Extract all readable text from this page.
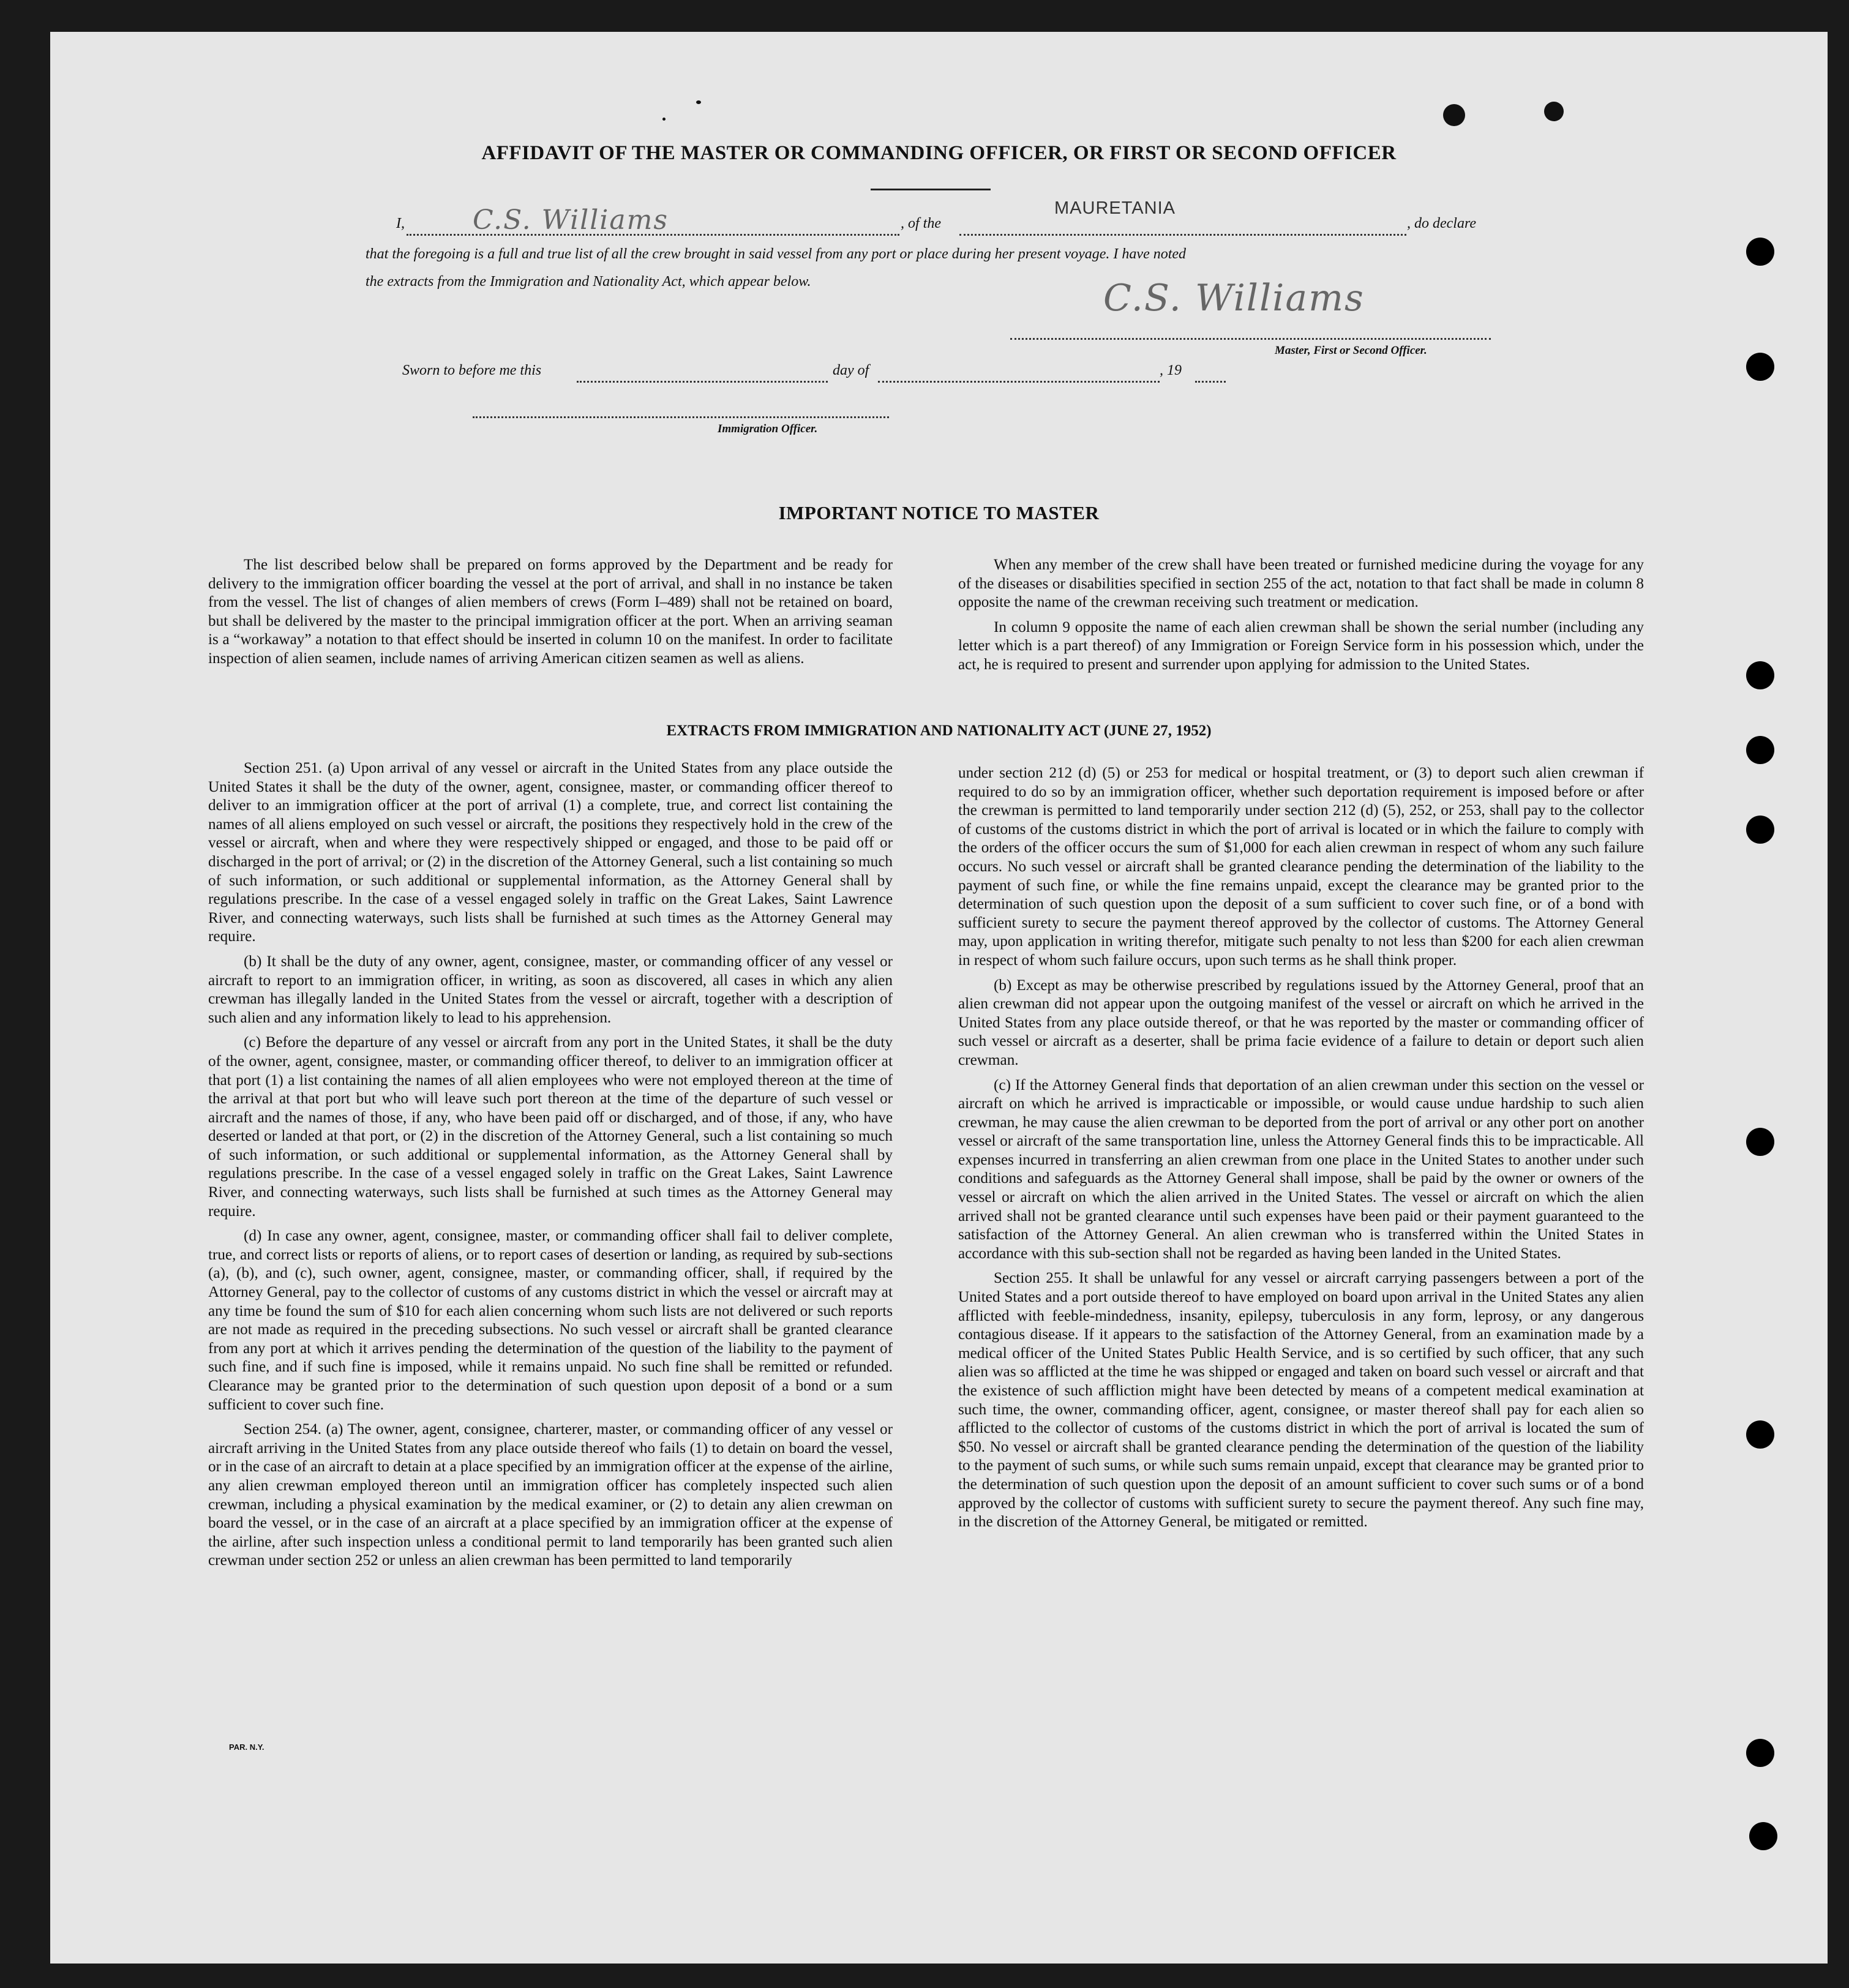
AFFIDAVIT OF THE MASTER OR COMMANDING OFFICER, OR FIRST OR SECOND OFFICER
I,	C.S. Williams	, of the
MAURETANIA
, do declare
that the foregoing is a full and true list of all the crew brought in said vessel from any port or place during her present voyage. I have noted
the extracts from the Immigration and Nationality Act, which appear below.	C.S. Williams
Master, First or Second Officer.
Sworn to before me this	day of	, 19
Immigration Officer.
IMPORTANT NOTICE TO MASTER

The list described below shall be prepared on forms approved by the Department and be ready for delivery to the immigration officer boarding the vessel at the port of arrival, and shall in no instance be taken from the vessel. The list of changes of alien members of crews (Form I–489) shall not be retained on board, but shall be delivered by the master to the principal immigration officer at the port. When an arriving seaman is a “workaway” a notation to that effect should be inserted in column 10 on the manifest. In order to facilitate inspection of alien seamen, include names of arriving American citizen seamen as well as aliens.

When any member of the crew shall have been treated or furnished medicine during the voyage for any of the diseases or disabilities specified in section 255 of the act, notation to that fact shall be made in column 8 opposite the name of the crewman receiving such treatment or medication.

In column 9 opposite the name of each alien crewman shall be shown the serial number (including any letter which is a part thereof) of any Immigration or Foreign Service form in his possession which, under the act, he is required to present and surrender upon applying for admission to the United States.

EXTRACTS FROM IMMIGRATION AND NATIONALITY ACT (JUNE 27, 1952)

Section 251. (a) Upon arrival of any vessel or aircraft in the United States from any place outside the United States it shall be the duty of the owner, agent, consignee, master, or commanding officer thereof to deliver to an immigration officer at the port of arrival (1) a complete, true, and correct list containing the names of all aliens employed on such vessel or aircraft, the positions they respectively hold in the crew of the vessel or aircraft, when and where they were respectively shipped or engaged, and those to be paid off or discharged in the port of arrival; or (2) in the discretion of the Attorney General, such a list containing so much of such information, or such additional or supplemental information, as the Attorney General shall by regulations prescribe. In the case of a vessel engaged solely in traffic on the Great Lakes, Saint Lawrence River, and connecting waterways, such lists shall be furnished at such times as the Attorney General may require.

(b) It shall be the duty of any owner, agent, consignee, master, or commanding officer of any vessel or aircraft to report to an immigration officer, in writing, as soon as discovered, all cases in which any alien crewman has illegally landed in the United States from the vessel or aircraft, together with a description of such alien and any information likely to lead to his apprehension.

(c) Before the departure of any vessel or aircraft from any port in the United States, it shall be the duty of the owner, agent, consignee, master, or commanding officer thereof, to deliver to an immigration officer at that port (1) a list containing the names of all alien employees who were not employed thereon at the time of the arrival at that port but who will leave such port thereon at the time of the departure of such vessel or aircraft and the names of those, if any, who have been paid off or discharged, and of those, if any, who have deserted or landed at that port, or (2) in the discretion of the Attorney General, such a list containing so much of such information, or such additional or supplemental information, as the Attorney General shall by regulations prescribe. In the case of a vessel engaged solely in traffic on the Great Lakes, Saint Lawrence River, and connecting waterways, such lists shall be furnished at such times as the Attorney General may require.

(d) In case any owner, agent, consignee, master, or commanding officer shall fail to deliver complete, true, and correct lists or reports of aliens, or to report cases of desertion or landing, as required by sub-sections (a), (b), and (c), such owner, agent, consignee, master, or commanding officer, shall, if required by the Attorney General, pay to the collector of customs of any customs district in which the vessel or aircraft may at any time be found the sum of $10 for each alien concerning whom such lists are not delivered or such reports are not made as required in the preceding subsections. No such vessel or aircraft shall be granted clearance from any port at which it arrives pending the determination of the question of the liability to the payment of such fine, and if such fine is imposed, while it remains unpaid. No such fine shall be remitted or refunded. Clearance may be granted prior to the determination of such question upon deposit of a bond or a sum sufficient to cover such fine.

Section 254. (a) The owner, agent, consignee, charterer, master, or commanding officer of any vessel or aircraft arriving in the United States from any place outside thereof who fails (1) to detain on board the vessel, or in the case of an aircraft to detain at a place specified by an immigration officer at the expense of the airline, any alien crewman employed thereon until an immigration officer has completely inspected such alien crewman, including a physical examination by the medical examiner, or (2) to detain any alien crewman on board the vessel, or in the case of an aircraft at a place specified by an immigration officer at the expense of the airline, after such inspection unless a conditional permit to land temporarily has been granted such alien crewman under section 252 or unless an alien crewman has been permitted to land temporarily

under section 212 (d) (5) or 253 for medical or hospital treatment, or (3) to deport such alien crewman if required to do so by an immigration officer, whether such deportation requirement is imposed before or after the crewman is permitted to land temporarily under section 212 (d) (5), 252, or 253, shall pay to the collector of customs of the customs district in which the port of arrival is located or in which the failure to comply with the orders of the officer occurs the sum of $1,000 for each alien crewman in respect of whom any such failure occurs. No such vessel or aircraft shall be granted clearance pending the determination of the liability to the payment of such fine, or while the fine remains unpaid, except the clearance may be granted prior to the determination of such question upon the deposit of a sum sufficient to cover such fine, or of a bond with sufficient surety to secure the payment thereof approved by the collector of customs. The Attorney General may, upon application in writing therefor, mitigate such penalty to not less than $200 for each alien crewman in respect of whom such failure occurs, upon such terms as he shall think proper.

(b) Except as may be otherwise prescribed by regulations issued by the Attorney General, proof that an alien crewman did not appear upon the outgoing manifest of the vessel or aircraft on which he arrived in the United States from any place outside thereof, or that he was reported by the master or commanding officer of such vessel or aircraft as a deserter, shall be prima facie evidence of a failure to detain or deport such alien crewman.

(c) If the Attorney General finds that deportation of an alien crewman under this section on the vessel or aircraft on which he arrived is impracticable or impossible, or would cause undue hardship to such alien crewman, he may cause the alien crewman to be deported from the port of arrival or any other port on another vessel or aircraft of the same transportation line, unless the Attorney General finds this to be impracticable. All expenses incurred in transferring an alien crewman from one place in the United States to another under such conditions and safeguards as the Attorney General shall impose, shall be paid by the owner or owners of the vessel or aircraft on which the alien arrived in the United States. The vessel or aircraft on which the alien arrived shall not be granted clearance until such expenses have been paid or their payment guaranteed to the satisfaction of the Attorney General. An alien crewman who is transferred within the United States in accordance with this sub-section shall not be regarded as having been landed in the United States.

Section 255. It shall be unlawful for any vessel or aircraft carrying passengers between a port of the United States and a port outside thereof to have employed on board upon arrival in the United States any alien afflicted with feeble-mindedness, insanity, epilepsy, tuberculosis in any form, leprosy, or any dangerous contagious disease. If it appears to the satisfaction of the Attorney General, from an examination made by a medical officer of the United States Public Health Service, and is so certified by such officer, that any such alien was so afflicted at the time he was shipped or engaged and taken on board such vessel or aircraft and that the existence of such affliction might have been detected by means of a competent medical examination at such time, the owner, commanding officer, agent, consignee, or master thereof shall pay for each alien so afflicted to the collector of customs of the customs district in which the port of arrival is located the sum of $50. No vessel or aircraft shall be granted clearance pending the determination of the question of the liability to the payment of such sums, or while such sums remain unpaid, except that clearance may be granted prior to the determination of such question upon the deposit of an amount sufficient to cover such sums or of a bond approved by the collector of customs with sufficient surety to secure the payment thereof. Any such fine may, in the discretion of the Attorney General, be mitigated or remitted.

PAR. N.Y.
